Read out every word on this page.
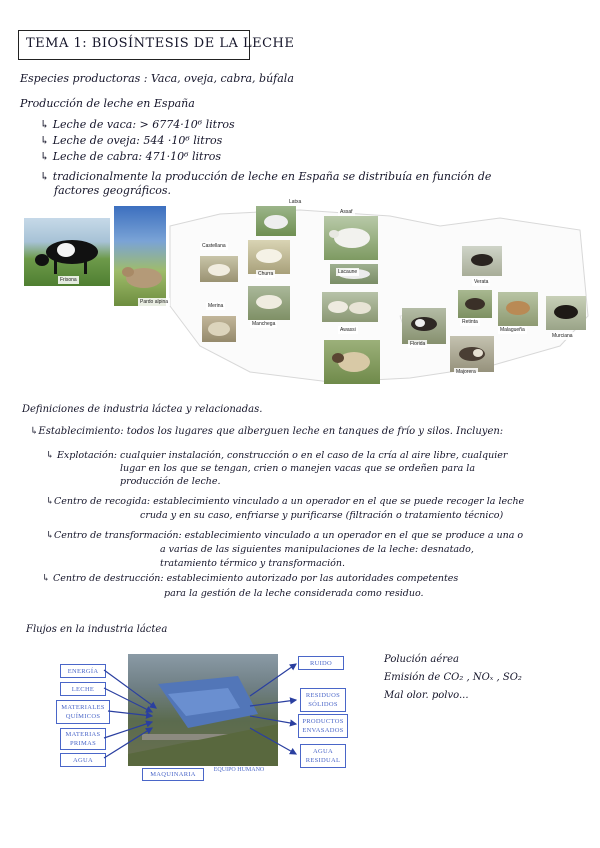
TEMA 1: BIOSÍNTESIS DE LA LECHE
Especies productoras : Vaca, oveja, cabra, búfala
Producción de leche en España
↳ Leche de vaca: > 6774·10⁶ litros
↳ Leche de oveja: 544 ·10⁶ litros
↳ Leche de cabra: 471·10⁶ litros
↳ tradicionalmente la producción de leche en España se distribuía en función de
factores geográficos.
Frisona
Pardo alpina
Latxa
Assaf
Castellana
Churra	Lacaune
Manchega
Merina
Awassi
Verata
Retinta
Malagueña
Murciana
Florida
Majorera
Definiciones de industria láctea y relacionadas.
↳Establecimiento: todos los lugares que alberguen leche en tanques de frío y silos. Incluyen:
↳ Explotación: cualquier instalación, construcción o en el caso de la cría al aire libre, cualquier
lugar en los que se tengan, crien o manejen vacas que se ordeñen para la
producción de leche.
↳Centro de recogida: establecimiento vinculado a un operador en el que se puede recoger la leche
cruda y en su caso, enfriarse y purificarse (filtración o tratamiento técnico)
↳Centro de transformación: establecimiento vinculado a un operador en el que se produce a una o
a varias de las siguientes manipulaciones de la leche: desnatado,
tratamiento térmico y transformación.
↳ Centro de destrucción: establecimiento autorizado por las autoridades competentes
para la gestión de la leche considerada como residuo.
Flujos en la industria láctea
ENERGÍA
LECHE
MATERIALES QUÍMICOS
MATERIAS PRIMAS
AGUA
RUIDO
RESIDUOS SÓLIDOS
PRODUCTOS ENVASADOS
AGUA RESIDUAL
MAQUINARIA
EQUIPO HUMANO
Polución aérea
Emisión de CO₂ , NOₓ , SO₂
Mal olor. polvo...
